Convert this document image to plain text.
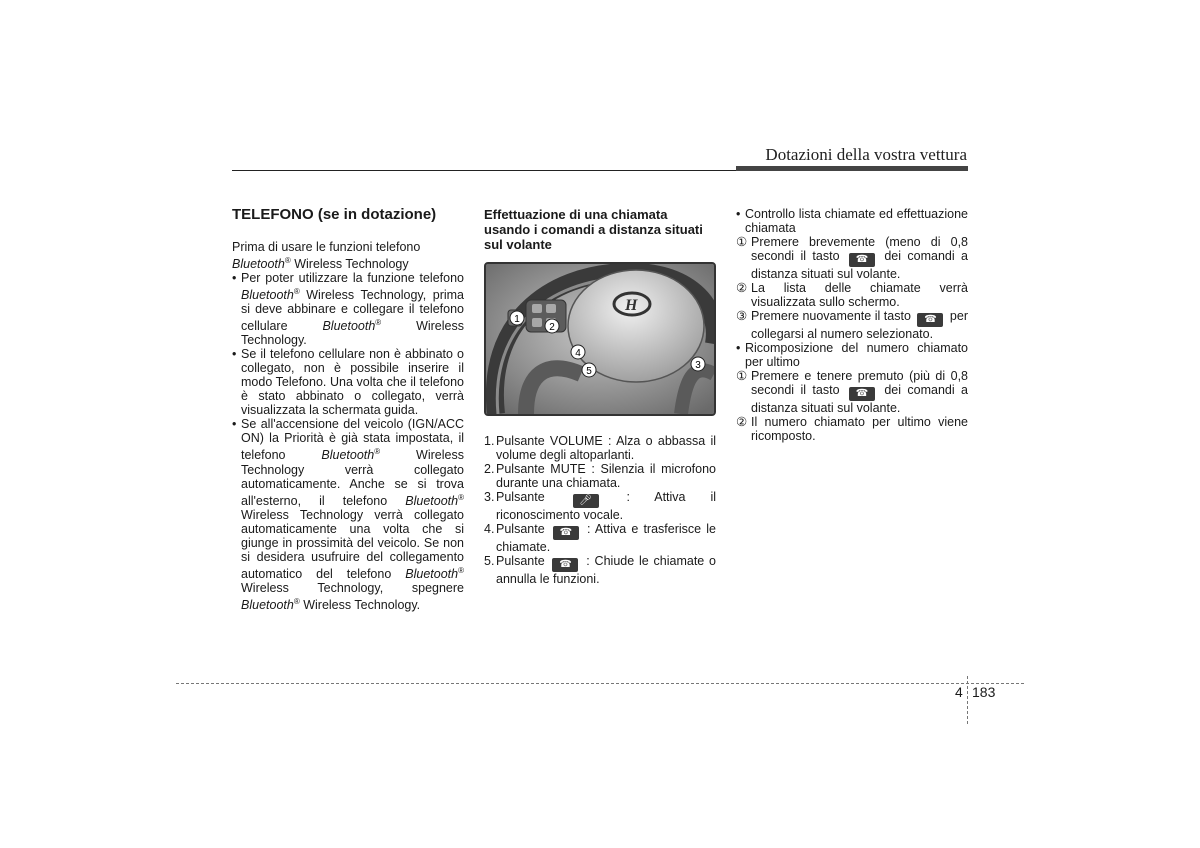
Dotazioni della vostra vettura
TELEFONO (se in dotazione)

Prima di usare le funzioni telefono
Bluetooth® Wireless Technology

• Per poter utilizzare la funzione telefono Bluetooth® Wireless Technology, prima si deve abbinare e collegare il telefono cellulare Bluetooth® Wireless Technology.
• Se il telefono cellulare non è abbinato o collegato, non è possibile inserire il modo Telefono. Una volta che il telefono è stato abbinato o collegato, verrà visualizzata la schermata guida.
• Se all'accensione del veicolo (IGN/ACC ON) la Priorità è già stata impostata, il telefono Bluetooth® Wireless Technology verrà collegato automaticamente. Anche se si trova all'esterno, il telefono Bluetooth® Wireless Technology verrà collegato automaticamente una volta che si giunge in prossimità del veicolo. Se non si desidera usufruire del collegamento automatico del telefono Bluetooth® Wireless Technology, spegnere Bluetooth® Wireless Technology.
Effettuazione di una chiamata usando i comandi a distanza situati sul volante
H
1
2
3
4
5
1. Pulsante VOLUME : Alza o abbassa il volume degli altoparlanti.
2. Pulsante MUTE : Silenzia il microfono durante una chiamata.
3. Pulsante 🎤︎ : Attiva il riconoscimento vocale.
4. Pulsante ☎︎ : Attiva e trasferisce le chiamate.
5. Pulsante ☎︎ : Chiude le chiamate o annulla le funzioni.
• Controllo lista chiamate ed effettuazione chiamata
① Premere brevemente (meno di 0,8 secondi il tasto ☎︎ dei comandi a distanza situati sul volante.
② La lista delle chiamate verrà visualizzata sullo schermo.
③ Premere nuovamente il tasto ☎︎ per collegarsi al numero selezionato.
• Ricomposizione del numero chiamato per ultimo
① Premere e tenere premuto (più di 0,8 secondi il tasto ☎︎ dei comandi a distanza situati sul volante.
② Il numero chiamato per ultimo viene ricomposto.
4 183
